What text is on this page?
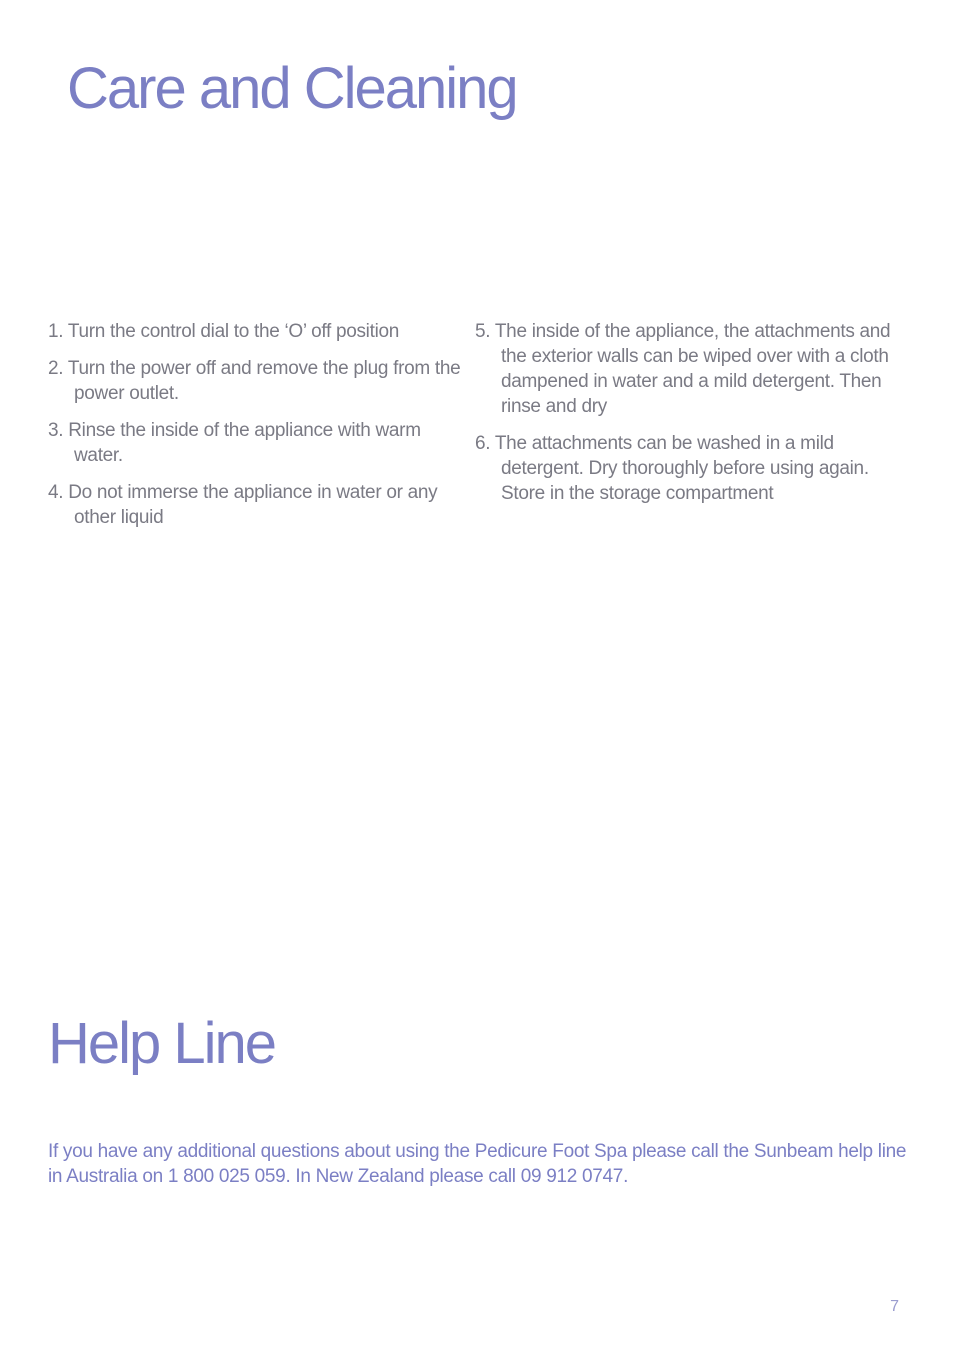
Care and Cleaning
1. Turn the control dial to the ‘O’ off position
2. Turn the power off and remove the plug from the power outlet.
3. Rinse the inside of the appliance with warm water.
4. Do not immerse the appliance in water or any other liquid
5. The inside of the appliance, the attachments and the exterior walls can be wiped over with a cloth dampened in water and a mild detergent. Then rinse and dry
6. The attachments can be washed in a mild detergent. Dry thoroughly before using again. Store in the storage compartment
Help Line

If you have any additional questions about using the Pedicure Foot Spa please call the Sunbeam help line in Australia on 1 800 025 059. In New Zealand please call 09 912 0747.

7
